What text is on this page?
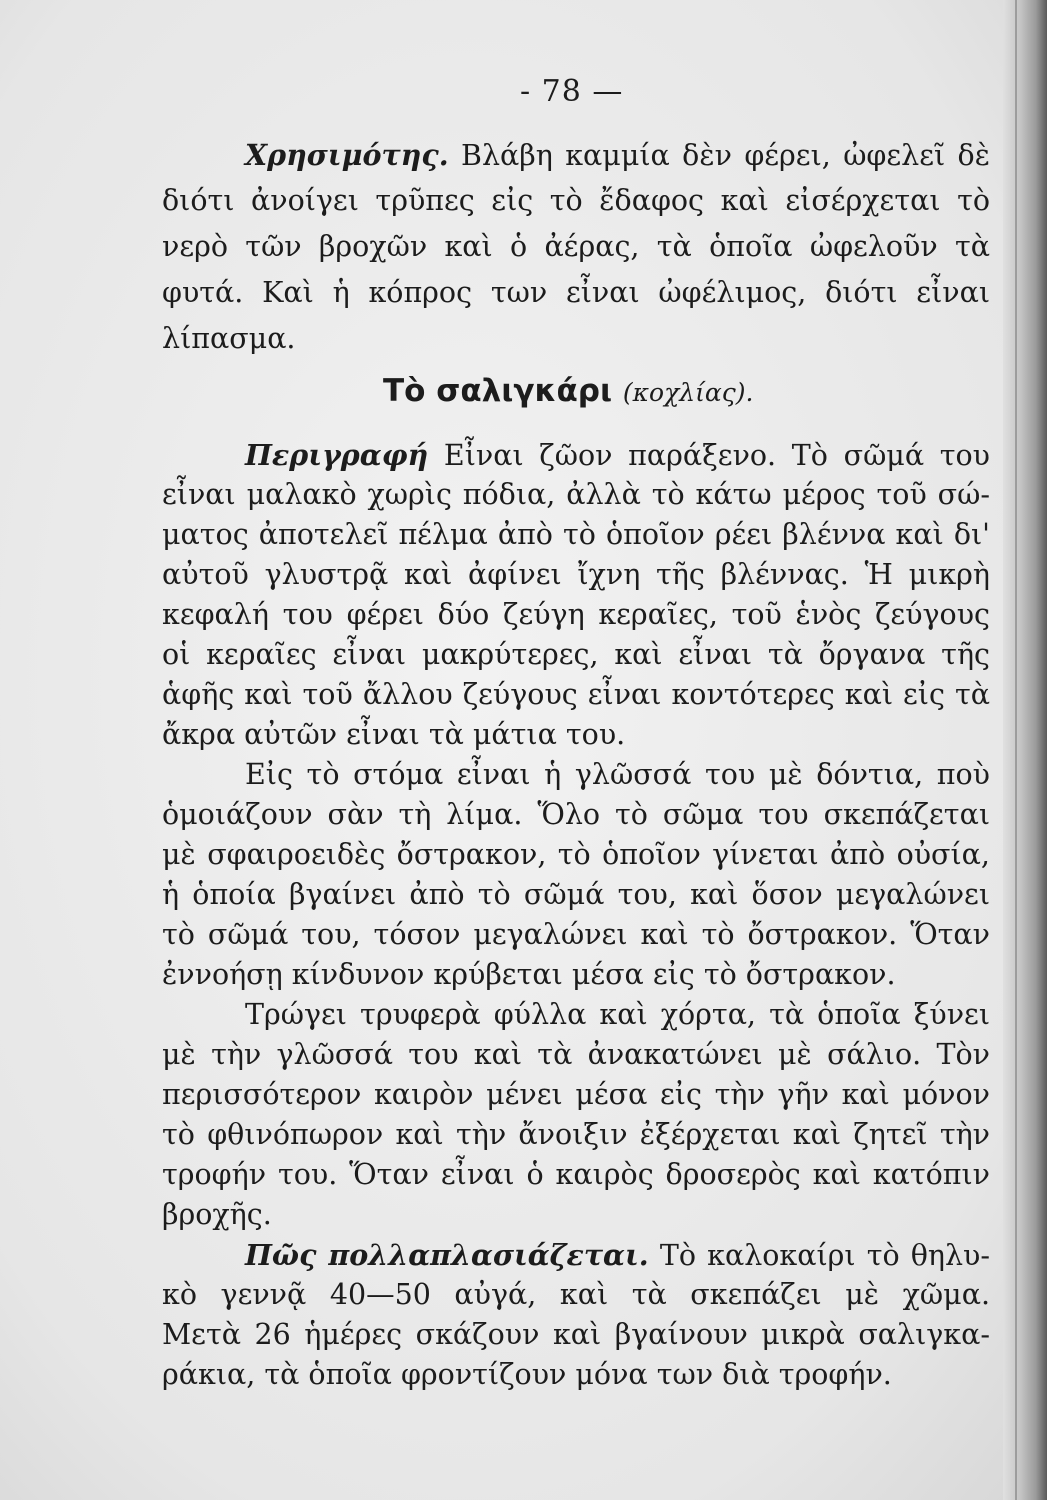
- 78 —
Χρησιμότης. Βλάβη καμμία δὲν φέρει, ὠφελεῖ δὲ
διότι ἀνοίγει τρῦπες εἰς τὸ ἔδαφος καὶ εἰσέρχεται τὸ
νερὸ τῶν βροχῶν καὶ ὁ ἀέρας, τὰ ὁποῖα ὠφελοῦν τὰ
φυτά. Καὶ ἡ κόπρος των εἶναι ὠφέλιμος, διότι εἶναι
λίπασμα.
Τὸ σαλιγκάρι (κοχλίας).
Περιγραφή Εἶναι ζῶον παράξενο. Τὸ σῶμά του
εἶναι μαλακὸ χωρὶς πόδια, ἀλλὰ τὸ κάτω μέρος τοῦ σώ-
ματος ἀποτελεῖ πέλμα ἀπὸ τὸ ὁποῖον ρέει βλέννα καὶ δι'
αὐτοῦ γλυστρᾷ καὶ ἀφίνει ἴχνη τῆς βλέννας. Ἡ μικρὴ
κεφαλή του φέρει δύο ζεύγη κεραῖες, τοῦ ἑνὸς ζεύγους
οἱ κεραῖες εἶναι μακρύτερες, καὶ εἶναι τὰ ὄργανα τῆς
ἁφῆς καὶ τοῦ ἄλλου ζεύγους εἶναι κοντότερες καὶ εἰς τὰ
ἄκρα αὐτῶν εἶναι τὰ μάτια του.
Εἰς τὸ στόμα εἶναι ἡ γλῶσσά του μὲ δόντια, ποὺ
ὁμοιάζουν σὰν τὴ λίμα. Ὅλο τὸ σῶμα του σκεπάζεται
μὲ σφαιροειδὲς ὄστρακον, τὸ ὁποῖον γίνεται ἀπὸ οὐσία,
ἡ ὁποία βγαίνει ἀπὸ τὸ σῶμά του, καὶ ὅσον μεγαλώνει
τὸ σῶμά του, τόσον μεγαλώνει καὶ τὸ ὄστρακον. Ὅταν
ἐννοήσῃ κίνδυνον κρύβεται μέσα εἰς τὸ ὄστρακον.
Τρώγει τρυφερὰ φύλλα καὶ χόρτα, τὰ ὁποῖα ξύνει
μὲ τὴν γλῶσσά του καὶ τὰ ἀνακατώνει μὲ σάλιο. Τὸν
περισσότερον καιρὸν μένει μέσα εἰς τὴν γῆν καὶ μόνον
τὸ φθινόπωρον καὶ τὴν ἄνοιξιν ἐξέρχεται καὶ ζητεῖ τὴν
τροφήν του. Ὅταν εἶναι ὁ καιρὸς δροσερὸς καὶ κατόπιν
βροχῆς.
Πῶς πολλαπλασιάζεται. Τὸ καλοκαίρι τὸ θηλυ-
κὸ γεννᾷ 40—50 αὐγά, καὶ τὰ σκεπάζει μὲ χῶμα.
Μετὰ 26 ἡμέρες σκάζουν καὶ βγαίνουν μικρὰ σαλιγκα-
ράκια, τὰ ὁποῖα φροντίζουν μόνα των διὰ τροφήν.
